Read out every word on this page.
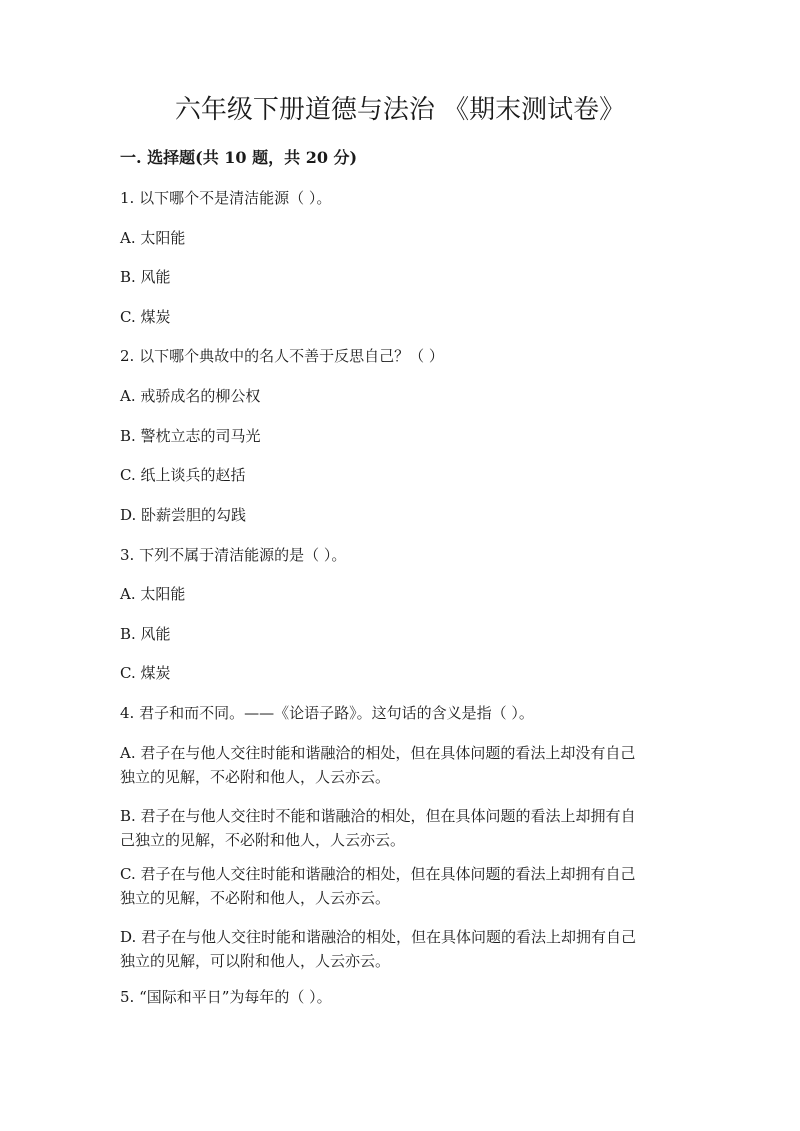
六年级下册道德与法治 《期末测试卷》
一. 选择题(共 10 题，共 20 分)
1. 以下哪个不是清洁能源（ ）。
A. 太阳能
B. 风能
C. 煤炭
2. 以下哪个典故中的名人不善于反思自己？（ ）
A. 戒骄成名的柳公权
B. 警枕立志的司马光
C. 纸上谈兵的赵括
D. 卧薪尝胆的勾践
3. 下列不属于清洁能源的是（ ）。
A. 太阳能
B. 风能
C. 煤炭
4. 君子和而不同。——《论语子路》。这句话的含义是指（ ）。
A. 君子在与他人交往时能和谐融洽的相处，但在具体问题的看法上却没有自己
独立的见解，不必附和他人，人云亦云。
B. 君子在与他人交往时不能和谐融洽的相处，但在具体问题的看法上却拥有自
己独立的见解，不必附和他人，人云亦云。
C. 君子在与他人交往时能和谐融洽的相处，但在具体问题的看法上却拥有自己
独立的见解，不必附和他人，人云亦云。
D. 君子在与他人交往时能和谐融洽的相处，但在具体问题的看法上却拥有自己
独立的见解，可以附和他人，人云亦云。
5. “国际和平日”为每年的（ ）。
